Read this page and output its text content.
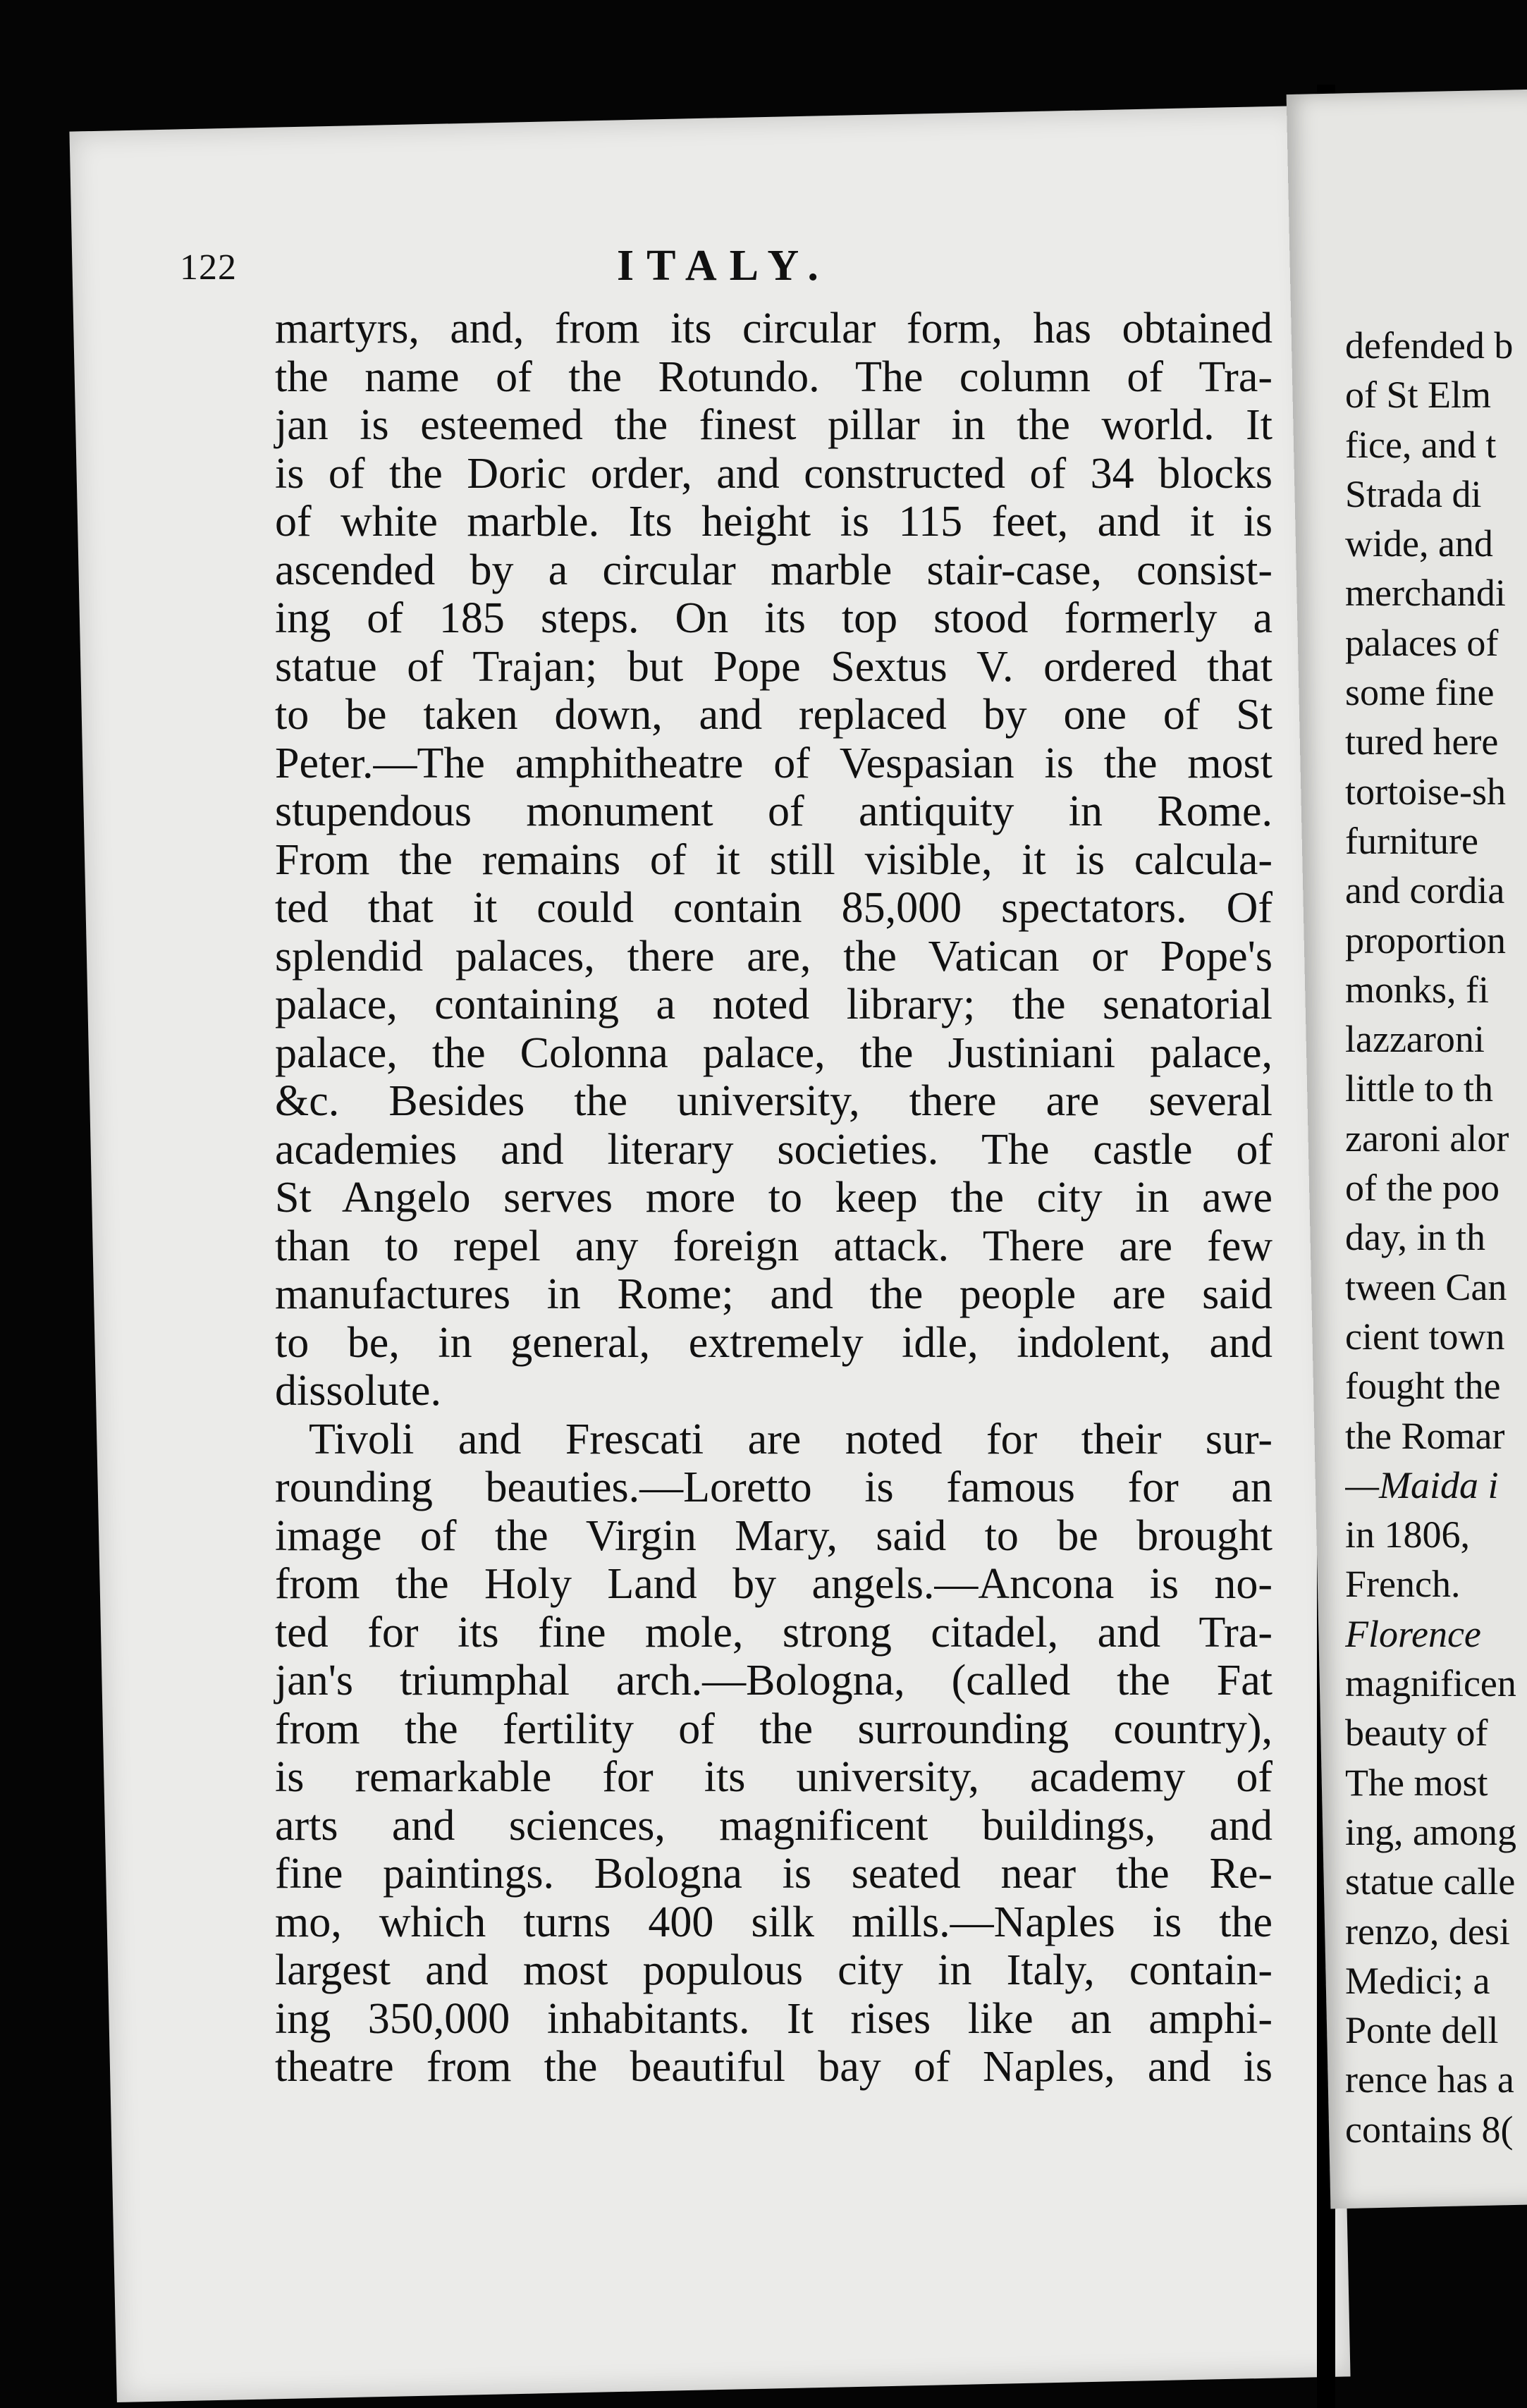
122	ITALY.
martyrs, and, from its circular form, has obtained
the name of the Rotundo. The column of Tra-
jan is esteemed the finest pillar in the world. It
is of the Doric order, and constructed of 34 blocks
of white marble. Its height is 115 feet, and it is
ascended by a circular marble stair-case, consist-
ing of 185 steps. On its top stood formerly a
statue of Trajan; but Pope Sextus V. ordered that
to be taken down, and replaced by one of St
Peter.—The amphitheatre of Vespasian is the most
stupendous monument of antiquity in Rome.
From the remains of it still visible, it is calcula-
ted that it could contain 85,000 spectators. Of
splendid palaces, there are, the Vatican or Pope's
palace, containing a noted library; the senatorial
palace, the Colonna palace, the Justiniani palace,
&c. Besides the university, there are several
academies and literary societies. The castle of
St Angelo serves more to keep the city in awe
than to repel any foreign attack. There are few
manufactures in Rome; and the people are said
to be, in general, extremely idle, indolent, and
dissolute.
Tivoli and Frescati are noted for their sur-
rounding beauties.—Loretto is famous for an
image of the Virgin Mary, said to be brought
from the Holy Land by angels.—Ancona is no-
ted for its fine mole, strong citadel, and Tra-
jan's triumphal arch.—Bologna, (called the Fat
from the fertility of the surrounding country),
is remarkable for its university, academy of
arts and sciences, magnificent buildings, and
fine paintings. Bologna is seated near the Re-
mo, which turns 400 silk mills.—Naples is the
largest and most populous city in Italy, contain-
ing 350,000 inhabitants. It rises like an amphi-
theatre from the beautiful bay of Naples, and is
defended b
of St Elm
fice, and t
Strada di
wide, and
merchandi
palaces of
some fine
tured here
tortoise-sh
furniture
and cordia
proportion
monks, fi
lazzaroni
little to th
zaroni alor
of the poo
day, in th
tween Can
cient town
fought the
the Romar
—Maida i
in 1806,
French.
Florence
magnificen
beauty of
The most
ing, among
statue calle
renzo, desi
Medici; a
Ponte dell
rence has a
contains 8(
